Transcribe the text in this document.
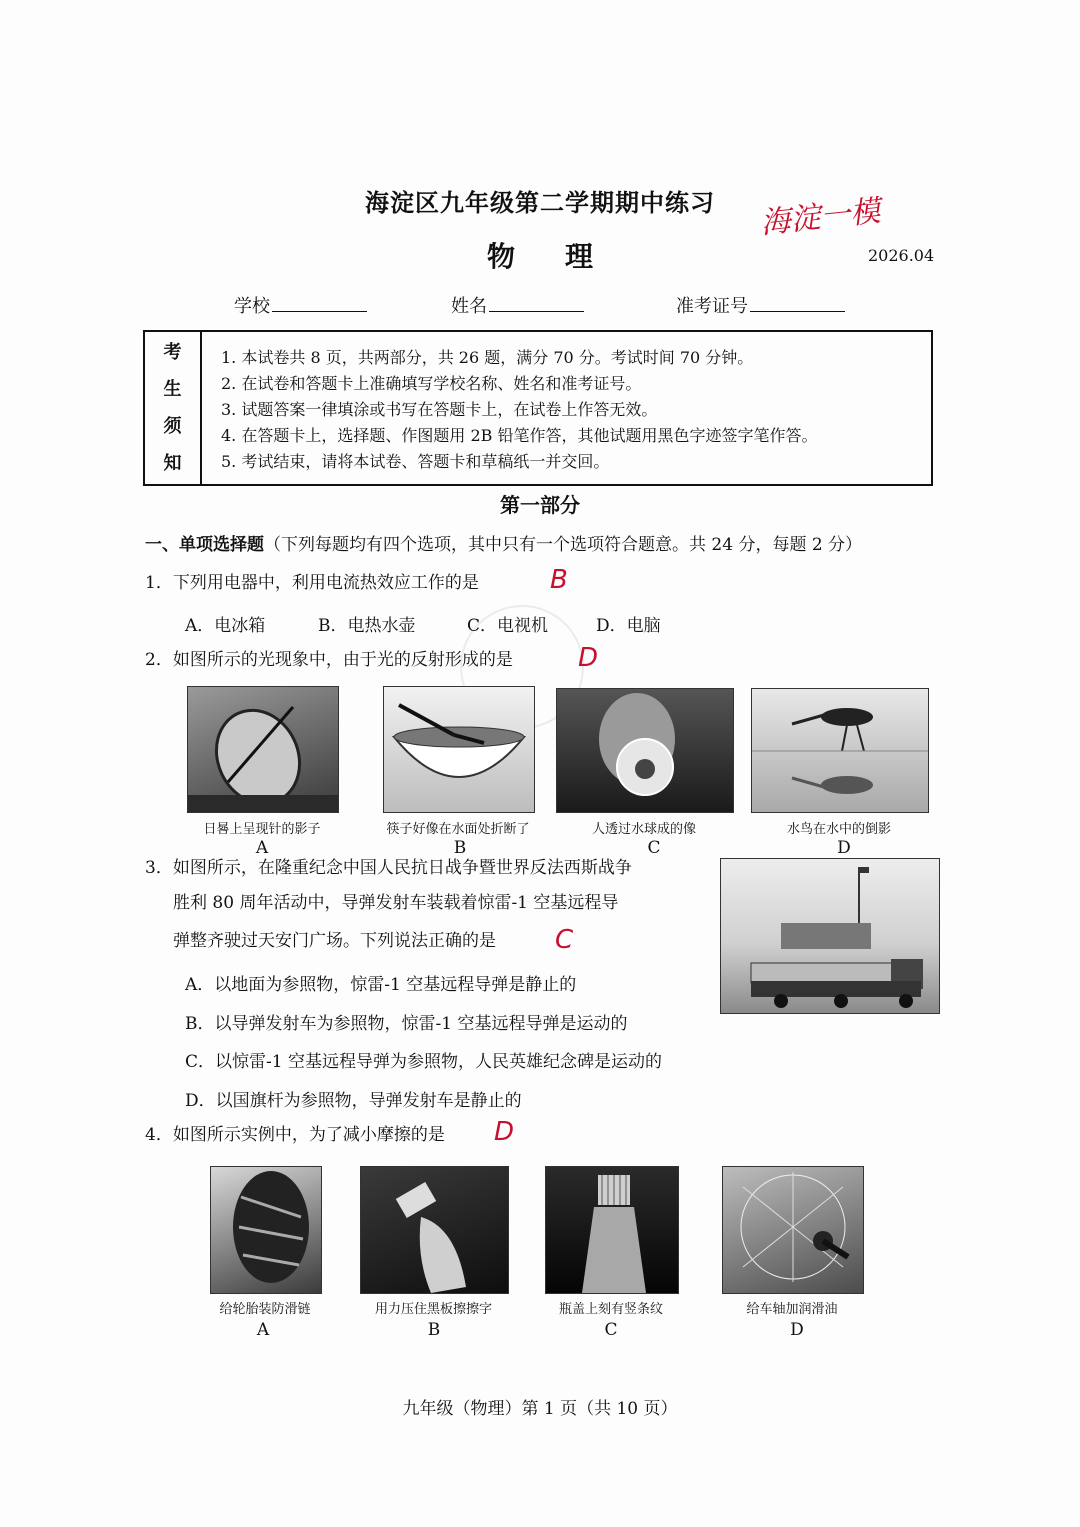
海淀区九年级第二学期期中练习	海淀一模
物理	2026.04
学校	姓名	准考证号
考
生
须
知
1. 本试卷共 8 页，共两部分，共 26 题，满分 70 分。考试时间 70 分钟。
2. 在试卷和答题卡上准确填写学校名称、姓名和准考证号。
3. 试题答案一律填涂或书写在答题卡上，在试卷上作答无效。
4. 在答题卡上，选择题、作图题用 2B 铅笔作答，其他试题用黑色字迹签字笔作答。
5. 考试结束，请将本试卷、答题卡和草稿纸一并交回。
第一部分
一、单项选择题（下列每题均有四个选项，其中只有一个选项符合题意。共 24 分，每题 2 分）
1．下列用电器中，利用电流热效应工作的是	B
A．电冰箱	B．电热水壶	C．电视机	D．电脑
2．如图所示的光现象中，由于光的反射形成的是	D
日晷上呈现针的影子	筷子好像在水面处折断了	人透过水球成的像	水鸟在水中的倒影
A	B	C	D
3．如图所示，在隆重纪念中国人民抗日战争暨世界反法西斯战争
胜利 80 周年活动中，导弹发射车装载着惊雷-1 空基远程导
弹整齐驶过天安门广场。下列说法正确的是 C
A．以地面为参照物，惊雷-1 空基远程导弹是静止的
B．以导弹发射车为参照物，惊雷-1 空基远程导弹是运动的
C．以惊雷-1 空基远程导弹为参照物，人民英雄纪念碑是运动的
D．以国旗杆为参照物，导弹发射车是静止的
4．如图所示实例中，为了减小摩擦的是 D
给轮胎装防滑链	用力压住黑板擦擦字	瓶盖上刻有竖条纹	给车轴加润滑油
A	B	C	D
九年级（物理）第 1 页（共 10 页）
